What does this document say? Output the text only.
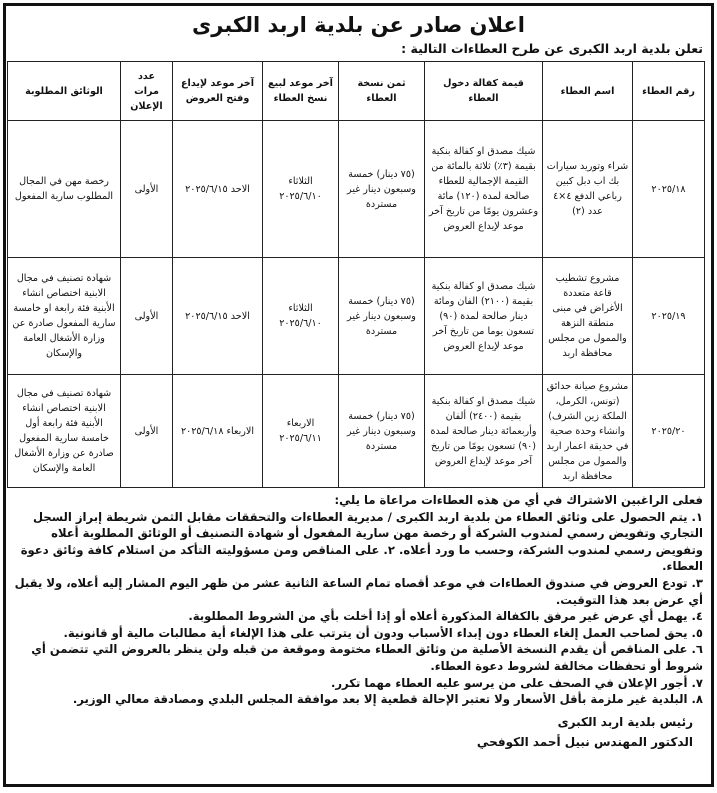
اعلان صادر عن بلدية اربد الكبرى
تعلن بلدية اربد الكبرى عن طرح العطاءات التالية :
رقم العطاء	اسم العطاء	قيمة كفالة دخول العطاء	ثمن نسخة العطاء	آخر موعد لبيع نسخ العطاء	آخر موعد لإيداع وفتح العروض	عدد مرات الإعلان	الوثائق المطلوبة
٢٠٢٥/١٨	شراء وتوريد سيارات بك اب دبل كبين رباعي الدفع ٤×٤ عدد (٢)	شيك مصدق او كفالة بنكية بقيمة (٣٪) ثلاثة بالمائة من القيمة الإجمالية للعطاء صالحة لمدة (١٢٠) مائة وعشرون يومًا من تاريخ آخر موعد لإيداع العروض	(٧٥ دينار) خمسة وسبعون دينار غير مستردة	الثلاثاء ٢٠٢٥/٦/١٠	الاحد ٢٠٢٥/٦/١٥	الأولى	رخصة مهن في المجال المطلوب سارية المفعول
٢٠٢٥/١٩	مشروع تشطيب قاعة متعددة الأغراض في مبنى منطقة النزهة والممول من مجلس محافظة اربد	شيك مصدق او كفالة بنكية بقيمة (٢١٠٠) الفان ومائة دينار صالحة لمدة (٩٠) تسعون يوما من تاريخ آخر موعد لإيداع العروض	(٧٥ دينار) خمسة وسبعون دينار غير مستردة	الثلاثاء ٢٠٢٥/٦/١٠	الاحد ٢٠٢٥/٦/١٥	الأولى	شهادة تصنيف في مجال الابنية اختصاص انشاء الأبنية فئة رابعة او خامسة سارية المفعول صادرة عن وزارة الأشغال العامة والإسكان
٢٠٢٥/٢٠	مشروع صيانة حدائق (تونس، الكرمل، الملكة زين الشرف) وانشاء وحدة صحية في حديقة اعمار اربد والممول من مجلس محافظة اربد	شيك مصدق او كفالة بنكية بقيمة (٢٤٠٠) ألفان وأربعمائة دينار صالحة لمدة (٩٠) تسعون يومًا من تاريخ آخر موعد لإيداع العروض	(٧٥ دينار) خمسة وسبعون دينار غير مستردة	الاربعاء ٢٠٢٥/٦/١١	الاربعاء ٢٠٢٥/٦/١٨	الأولى	شهادة تصنيف في مجال الابنية اختصاص انشاء الأبنية فئة رابعة أول خامسة سارية المفعول صادرة عن وزارة الأشغال العامة والإسكان

فعلى الراغبين الاشتراك في أي من هذه العطاءات مراعاة ما يلي:

١. يتم الحصول على وثائق العطاء من بلدية اربد الكبرى / مديرية العطاءات والتحققات مقابل الثمن شريطة إبراز السجل التجاري وتفويض رسمي لمندوب الشركة أو رخصة مهن سارية المفعول أو شهادة التصنيف أو الوثائق المطلوبة أعلاه وتفويض رسمي لمندوب الشركة، وحسب ما ورد أعلاه. ٢. على المناقص ومن مسؤوليته التأكد من استلام كافة وثائق دعوة العطاء.

٣. تودع العروض في صندوق العطاءات في موعد أقصاه تمام الساعة الثانية عشر من ظهر اليوم المشار إليه أعلاه، ولا يقبل أي عرض بعد هذا التوقيت.

٤. يهمل أي عرض غير مرفق بالكفالة المذكورة أعلاه أو إذا أخلت بأي من الشروط المطلوبة.

٥. يحق لصاحب العمل إلغاء العطاء دون إبداء الأسباب ودون أن يترتب على هذا الإلغاء أية مطالبات مالية أو قانونية.

٦. على المناقص أن يقدم النسخة الأصلية من وثائق العطاء مختومة وموقعة من قبله ولن ينظر بالعروض التي تتضمن أي شروط أو تحفظات مخالفة لشروط دعوة العطاء.

٧. أجور الإعلان في الصحف على من يرسو عليه العطاء مهما تكرر.

٨. البلدية غير ملزمة بأقل الأسعار ولا تعتبر الإحالة قطعية إلا بعد موافقة المجلس البلدي ومصادقة معالي الوزير.

رئيس بلدية اربد الكبرى
الدكتور المهندس نبيل أحمد الكوفحي
